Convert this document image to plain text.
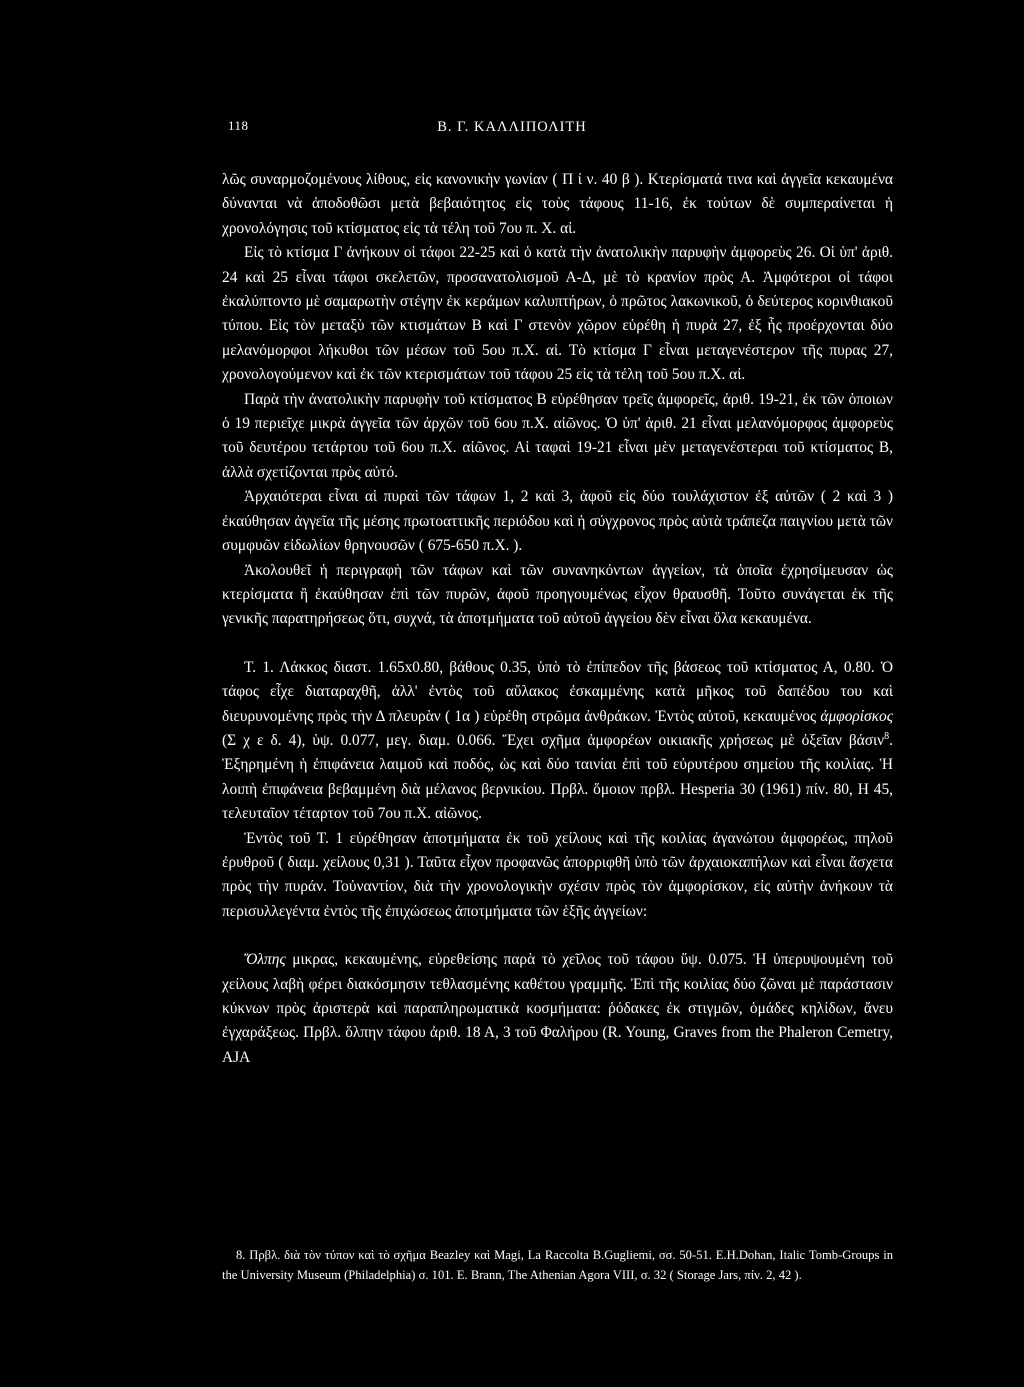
118	Β. Γ. ΚΑΛΛΙΠΟΛΙΤΗ

λῶς συναρμοζομένους λίθους, εἰς κανονικὴν γωνίαν ( Π ί ν. 40 β ). Κτερίσματά τινα καὶ ἀγγεῖα κεκαυμένα δύνανται νὰ ἀποδοθῶσι μετὰ βεβαιότητος εἰς τοὺς τάφους 11-16, ἐκ τούτων δὲ συμπεραίνεται ἡ χρονολόγησις τοῦ κτίσματος εἰς τὰ τέλη τοῦ 7ου π. Χ. αἰ.

Εἰς τὸ κτίσμα Γ ἀνήκουν οἱ τάφοι 22-25 καὶ ὁ κατὰ τὴν ἀνατολικὴν παρυφὴν ἀμφορεὺς 26. Οἱ ὑπ' ἀριθ. 24 καὶ 25 εἶναι τάφοι σκελετῶν, προσανατολισμοῦ Α-Δ, μὲ τὸ κρανίον πρὸς Α. Ἀμφότεροι οἱ τάφοι ἐκαλύπτοντο μὲ σαμαρωτὴν στέγην ἐκ κεράμων καλυπτήρων, ὁ πρῶτος λακωνικοῦ, ὁ δεύτερος κορινθιακοῦ τύπου. Εἰς τὸν μεταξὺ τῶν κτισμάτων Β καὶ Γ στενὸν χῶρον εὑρέθη ἡ πυρὰ 27, ἐξ ἧς προέρχονται δύο μελανόμορφοι λήκυθοι τῶν μέσων τοῦ 5ου π.Χ. αἰ. Τὸ κτίσμα Γ εἶναι μεταγενέστερον τῆς πυρας 27, χρονολογούμενον καὶ ἐκ τῶν κτερισμάτων τοῦ τάφου 25 εἰς τὰ τέλη τοῦ 5ου π.Χ. αἰ.

Παρὰ τὴν ἀνατολικὴν παρυφὴν τοῦ κτίσματος Β εὑρέθησαν τρεῖς ἀμφορεῖς, ἀριθ. 19-21, ἐκ τῶν ὁποιων ὁ 19 περιεῖχε μικρὰ ἀγγεῖα τῶν ἀρχῶν τοῦ 6ου π.Χ. αἰῶνος. Ὁ ὑπ' ἀριθ. 21 εἶναι μελανόμορφος ἀμφορεὺς τοῦ δευτέρου τετάρτου τοῦ 6ου π.Χ. αἰῶνος. Αἱ ταφαὶ 19-21 εἶναι μὲν μεταγενέστεραι τοῦ κτίσματος Β, ἀλλὰ σχετίζονται πρὸς αὐτό.

Ἀρχαιότεραι εἶναι αἱ πυραὶ τῶν τάφων 1, 2 καὶ 3, ἀφοῦ εἰς δύο τουλάχιστον ἐξ αὐτῶν ( 2 καὶ 3 ) ἐκαύθησαν ἀγγεῖα τῆς μέσης πρωτοαττικῆς περιόδου καὶ ἡ σύγχρονος πρὸς αὐτὰ τράπεζα παιγνίου μετὰ τῶν συμφυῶν εἰδωλίων θρηνουσῶν ( 675-650 π.Χ. ).

Ἀκολουθεῖ ἡ περιγραφὴ τῶν τάφων καὶ τῶν συνανηκόντων ἀγγείων, τὰ ὁποῖα ἐχρησίμευσαν ὡς κτερίσματα ἢ ἐκαύθησαν ἐπὶ τῶν πυρῶν, ἀφοῦ προηγουμένως εἶχον θραυσθῆ. Τοῦτο συνάγεται ἐκ τῆς γενικῆς παρατηρήσεως ὅτι, συχνά, τὰ ἀποτμήματα τοῦ αὐτοῦ ἀγγείου δὲν εἶναι ὅλα κεκαυμένα.

Τ. 1. Λάκκος διαστ. 1.65x0.80, βάθους 0.35, ὑπὸ τὸ ἐπίπεδον τῆς βάσεως τοῦ κτίσματος Α, 0.80. Ὁ τάφος εἶχε διαταραχθῆ, ἀλλ' ἐντὸς τοῦ αὔλακος ἐσκαμμένης κατὰ μῆκος τοῦ δαπέδου του καὶ διευρυνομένης πρὸς τὴν Δ πλευρὰν ( 1α ) εὑρέθη στρῶμα ἀνθράκων. Ἐντὸς αὐτοῦ, κεκαυμένος ἀμφορίσκος (Σ χ ε δ. 4), ὑψ. 0.077, μεγ. διαμ. 0.066. Ἔχει σχῆμα ἀμφορέων οικιακῆς χρήσεως μὲ ὀξεῖαν βάσιν$^8$. Ἐξηρημένη ἡ ἐπιφάνεια λαιμοῦ καὶ ποδός, ὡς καὶ δύο ταινίαι ἐπὶ τοῦ εὐρυτέρου σημείου τῆς κοιλίας. Ἡ λοιπὴ ἐπιφάνεια βεβαμμένη διὰ μέλανος βερνικίου. Πρβλ. ὅμοιον πρβλ. Hesperia 30 (1961) πίν. 80, Η 45, τελευταῖον τέταρτον τοῦ 7ου π.Χ. αἰῶνος.

Ἐντὸς τοῦ Τ. 1 εὑρέθησαν ἀποτμήματα ἐκ τοῦ χείλους καὶ τῆς κοιλίας ἀγανώτου ἀμφορέως, πηλοῦ ἐρυθροῦ ( διαμ. χείλους 0,31 ). Ταῦτα εἶχον προφανῶς ἀπορριφθῆ ὑπὸ τῶν ἀρχαιοκαπήλων καὶ εἶναι ἄσχετα πρὸς τὴν πυράν. Τοὐναντίον, διὰ τὴν χρονολογικὴν σχέσιν πρὸς τὸν ἀμφορίσκον, εἰς αὐτὴν ἀνήκουν τὰ περισυλλεγέντα ἐντὸς τῆς ἐπιχώσεως ἀποτμήματα τῶν ἑξῆς ἀγγείων:

Ὄλπης μικρας, κεκαυμένης, εὑρεθείσης παρὰ τὸ χεῖλος τοῦ τάφου ὕψ. 0.075. Ἡ ὑπερυψουμένη τοῦ χείλους λαβὴ φέρει διακόσμησιν τεθλασμένης καθέτου γραμμῆς. Ἐπὶ τῆς κοιλίας δύο ζῶναι μὲ παράστασιν κύκνων πρὸς ἀριστερὰ καὶ παραπληρωματικὰ κοσμήματα: ῥόδακες ἐκ στιγμῶν, ὁμάδες κηλίδων, ἄνευ ἐγχαράξεως. Πρβλ. ὅλπην τάφου ἀριθ. 18 Α, 3 τοῦ Φαλήρου (R. Young, Graves from the Phaleron Cemetry, AJA

8. Πρβλ. διὰ τὸν τύπον καὶ τὸ σχῆμα Beazley καὶ Magi, La Raccolta B.Gugliemi, σσ. 50-51. E.H.Dohan, Italic Tomb-Groups in the University Museum (Philadelphia) σ. 101. E. Brann, The Athenian Agora VIII, σ. 32 ( Storage Jars, πίν. 2, 42 ).
